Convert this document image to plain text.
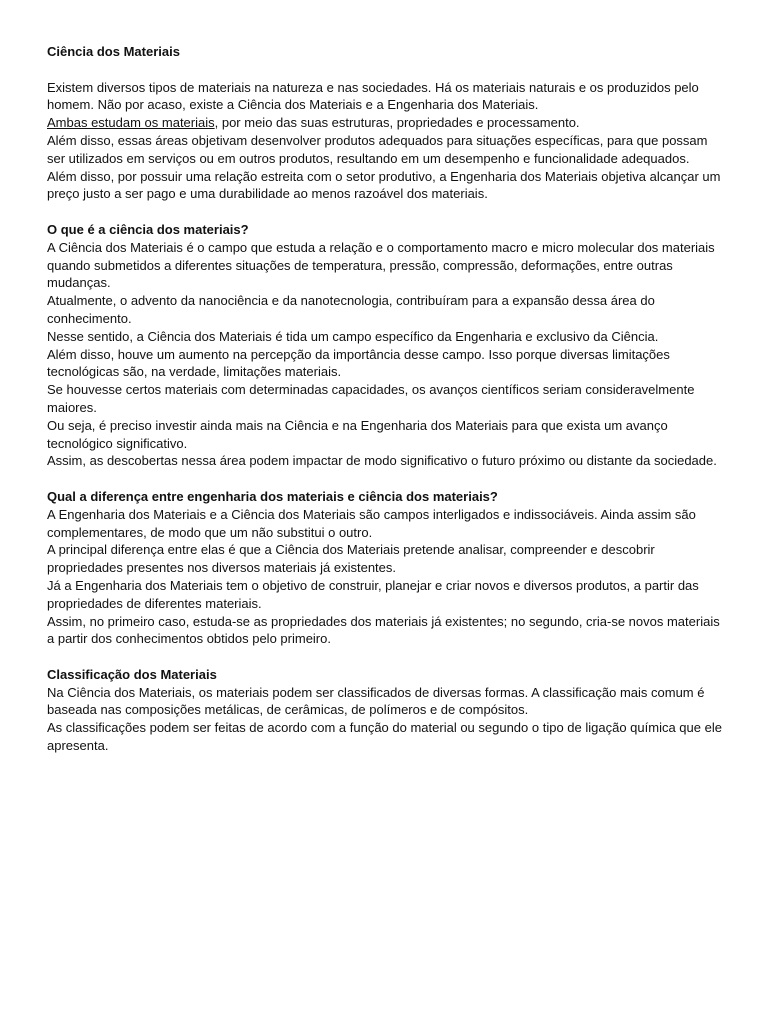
Ciência dos Materiais

Existem diversos tipos de materiais na natureza e nas sociedades. Há os materiais naturais e os produzidos pelo homem. Não por acaso, existe a Ciência dos Materiais e a Engenharia dos Materiais.

Ambas estudam os materiais, por meio das suas estruturas, propriedades e processamento.

Além disso, essas áreas objetivam desenvolver produtos adequados para situações específicas, para que possam ser utilizados em serviços ou em outros produtos, resultando em um desempenho e funcionalidade adequados.

Além disso, por possuir uma relação estreita com o setor produtivo, a Engenharia dos Materiais objetiva alcançar um preço justo a ser pago e uma durabilidade ao menos razoável dos materiais.

O que é a ciência dos materiais?

A Ciência dos Materiais é o campo que estuda a relação e o comportamento macro e micro molecular dos materiais quando submetidos a diferentes situações de temperatura, pressão, compressão, deformações, entre outras mudanças.

Atualmente, o advento da nanociência e da nanotecnologia, contribuíram para a expansão dessa área do conhecimento.

Nesse sentido, a Ciência dos Materiais é tida um campo específico da Engenharia e exclusivo da Ciência.

Além disso, houve um aumento na percepção da importância desse campo. Isso porque diversas limitações tecnológicas são, na verdade, limitações materiais.

Se houvesse certos materiais com determinadas capacidades, os avanços científicos seriam consideravelmente maiores.

Ou seja, é preciso investir ainda mais na Ciência e na Engenharia dos Materiais para que exista um avanço tecnológico significativo.

Assim, as descobertas nessa área podem impactar de modo significativo o futuro próximo ou distante da sociedade.

Qual a diferença entre engenharia dos materiais e ciência dos materiais?

A Engenharia dos Materiais e a Ciência dos Materiais são campos interligados e indissociáveis. Ainda assim são complementares, de modo que um não substitui o outro.

A principal diferença entre elas é que a Ciência dos Materiais pretende analisar, compreender e descobrir propriedades presentes nos diversos materiais já existentes.

Já a Engenharia dos Materiais tem o objetivo de construir, planejar e criar novos e diversos produtos, a partir das propriedades de diferentes materiais.

Assim, no primeiro caso, estuda-se as propriedades dos materiais já existentes; no segundo, cria-se novos materiais a partir dos conhecimentos obtidos pelo primeiro.

Classificação dos Materiais

Na Ciência dos Materiais, os materiais podem ser classificados de diversas formas. A classificação mais comum é baseada nas composições metálicas, de cerâmicas, de polímeros e de compósitos.

As classificações podem ser feitas de acordo com a função do material ou segundo o tipo de ligação química que ele apresenta.
